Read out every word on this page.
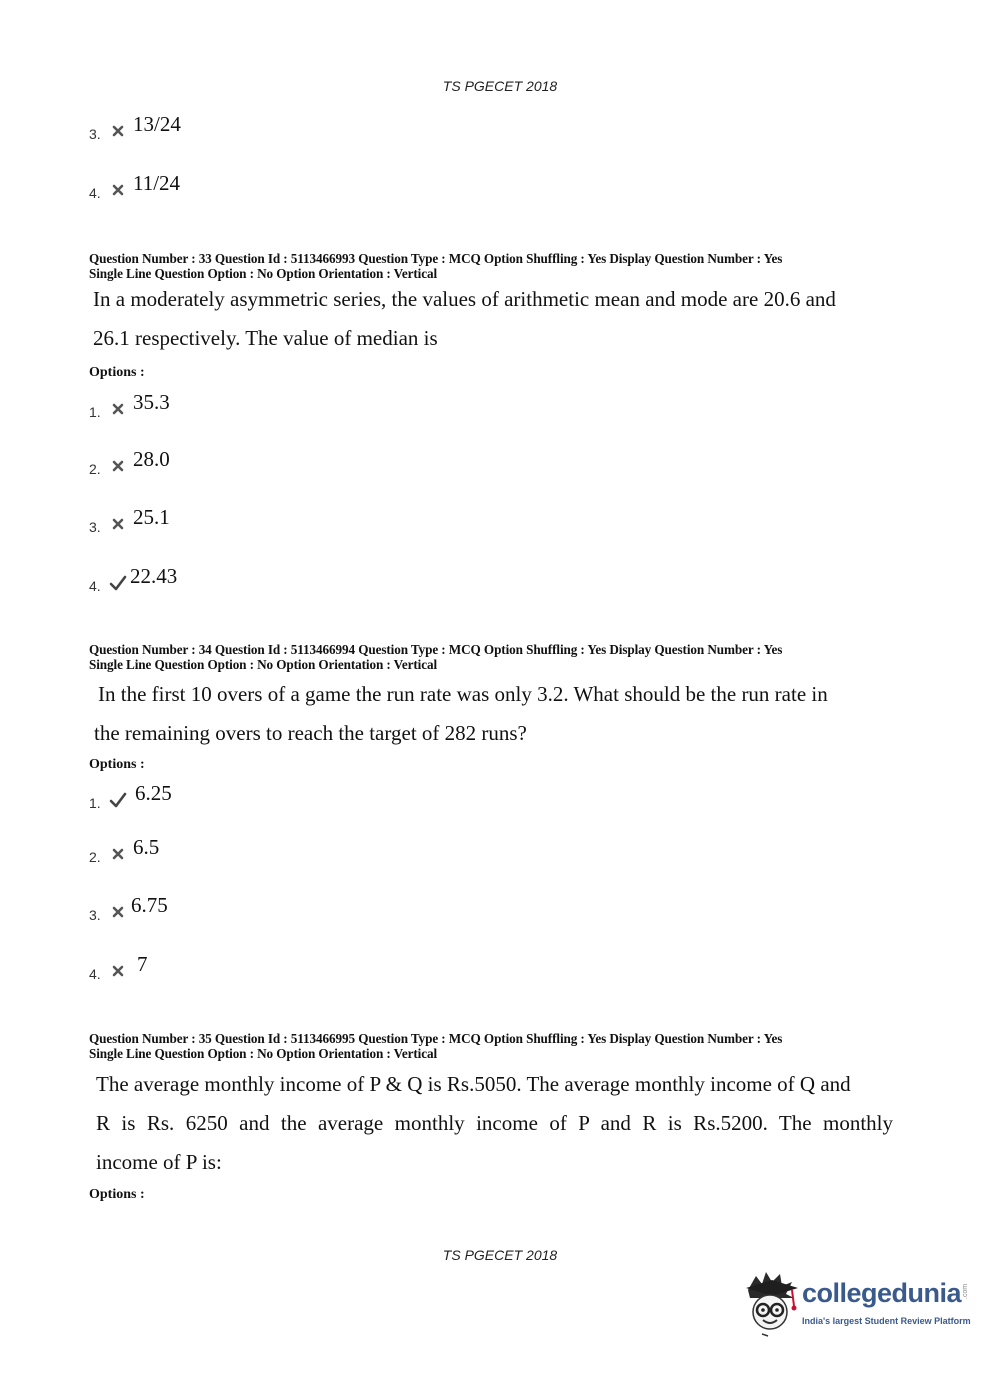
TS PGECET 2018
3. 13/24
4. 11/24
Question Number : 33 Question Id : 5113466993 Question Type : MCQ Option Shuffling : Yes Display Question Number : Yes
Single Line Question Option : No Option Orientation : Vertical
In a moderately asymmetric series, the values of arithmetic mean and mode are 20.6 and
26.1 respectively. The value of median is
Options :
1. 35.3
2. 28.0
3. 25.1
4. 22.43
Question Number : 34 Question Id : 5113466994 Question Type : MCQ Option Shuffling : Yes Display Question Number : Yes
Single Line Question Option : No Option Orientation : Vertical
In the first 10 overs of a game the run rate was only 3.2. What should be the run rate in
the remaining overs to reach the target of 282 runs?
Options :
1. 6.25
2. 6.5
3. 6.75
4. 7
Question Number : 35 Question Id : 5113466995 Question Type : MCQ Option Shuffling : Yes Display Question Number : Yes
Single Line Question Option : No Option Orientation : Vertical
The average monthly income of P & Q is Rs.5050. The average monthly income of Q and
R is Rs. 6250 and the average monthly income of P and R is Rs.5200. The monthly
income of P is:
Options :
TS PGECET 2018
collegedunia .com
India's largest Student Review Platform
